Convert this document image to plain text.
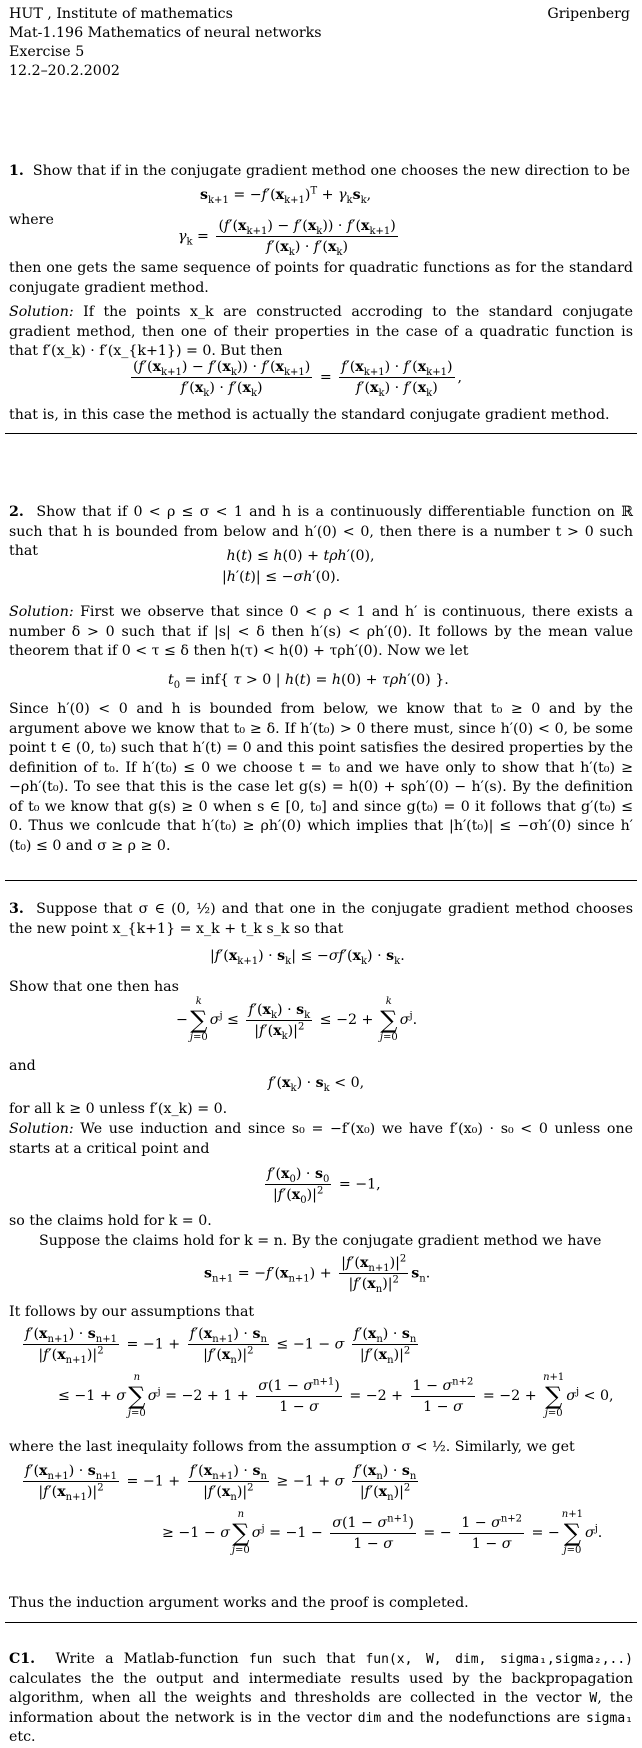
HUT , Institute of mathematics	Gripenberg
Mat-1.196 Mathematics of neural networks
Exercise 5
12.2–20.2.2002
1. Show that if in the conjugate gradient method one chooses the new direction to be
$s_{k+1} = -f'(x_{k+1})^T + \gamma_ks_k$,
where
$\gamma_k = \frac{(f'(x_{k+1}) - f'(x_k)) \cdot f'(x_{k+1})}{f'(x_k) \cdot f'(x_k)}$
then one gets the same sequence of points for quadratic functions as for the standard conjugate gradient method.
Solution: If the points x_k are constructed accroding to the standard conjugate gradient method, then one of their properties in the case of a quadratic function is that f′(x_k) · f′(x_{k+1}) = 0. But then
$\frac{(f'(x_{k+1}) - f'(x_k)) \cdot f'(x_{k+1})}{f'(x_k) \cdot f'(x_k)} = \frac{f'(x_{k+1}) \cdot f'(x_{k+1})}{f'(x_k) \cdot f'(x_k)}$ ,
that is, in this case the method is actually the standard conjugate gradient method.
2. Show that if 0 < ρ ≤ σ < 1 and h is a continuously differentiable function on ℝ such that h is bounded from below and h′(0) < 0, then there is a number t > 0 such that	h(t) ≤ h(0) + tρh′(0),
|h′(t)| ≤ −σh′(0).
Solution: First we observe that since 0 < ρ < 1 and h′ is continuous, there exists a number δ > 0 such that if |s| < δ then h′(s) < ρh′(0). It follows by the mean value theorem that if 0 < τ ≤ δ then h(τ) < h(0) + τρh′(0). Now we let
$t_0 = inf${ τ > 0 | h(t) = h(0) + τρh′(0) }.
Since h′(0) < 0 and h is bounded from below, we know that t₀ ≥ 0 and by the argument above we know that t₀ ≥ δ. If h′(t₀) > 0 there must, since h′(0) < 0, be some point t ∈ (0, t₀) such that h′(t) = 0 and this point satisfies the desired properties by the definition of t₀. If h′(t₀) ≤ 0 we choose t = t₀ and we have only to show that h′(t₀) ≥ −ρh′(t₀). To see that this is the case let g(s) = h(0) + sρh′(0) − h′(s). By the definition of t₀ we know that g(s) ≥ 0 when s ∈ [0, t₀] and since g(t₀) = 0 it follows that g′(t₀) ≤ 0. Thus we conlcude that h′(t₀) ≥ ρh′(0) which implies that |h′(t₀)| ≤ −σh′(0) since h′(t₀) ≤ 0 and σ ≥ ρ ≥ 0.
3. Suppose that σ ∈ (0, ½) and that one in the conjugate gradient method chooses the new point x_{k+1} = x_k + t_k s_k so that
$|f'(x_{k+1}) \cdot s_k| \le -\sigma f'(x_k) \cdot s_k$.
Show that one then has
−
k
∑
j=0
$\sigma^j \le \frac{f'(x_k) \cdot s_k}{|f'(x_k)|^2} \le -2$ +
k
∑
j=0
$\sigma^j$.
and
$f'(x_k) \cdot s_k < 0$,
for all k ≥ 0 unless f′(x_k) = 0.
Solution: We use induction and since s₀ = −f′(x₀) we have f′(x₀) · s₀ < 0 unless one starts at a critical point and
$\frac{f'(x_0) \cdot s_0}{|f'(x_0)|^2} = -1$,
so the claims hold for k = 0.
Suppose the claims hold for k = n. By the conjugate gradient method we have
$s_{n+1} = -f'(x_{n+1}) + \frac{|f'(x_{n+1})|^2}{|f'(x_n)|^2} s_n$.
It follows by our assumptions that
$\frac{f'(x_{n+1}) \cdot s_{n+1}}{|f'(x_{n+1})|^2} = -1 + \frac{f'(x_{n+1}) \cdot s_n}{|f'(x_n)|^2} \le -1 - \sigma \frac{f'(x_n) \cdot s_n}{|f'(x_n)|^2}$
≤ −1 + σ
n
∑
j=0
$\sigma^j = -2 + 1 + \frac{\sigma(1 - \sigma^{n+1})}{1 - \sigma} = -2 + \frac{1 - \sigma^{n+2}}{1 - \sigma} = -2$ +
n+1
∑
j=0
$\sigma^j < 0$,
where the last inequlaity follows from the assumption σ < ½. Similarly, we get
$\frac{f'(x_{n+1}) \cdot s_{n+1}}{|f'(x_{n+1})|^2} = -1 + \frac{f'(x_{n+1}) \cdot s_n}{|f'(x_n)|^2} \ge -1 + \sigma \frac{f'(x_n) \cdot s_n}{|f'(x_n)|^2}$
≥ −1 − σ
n
∑
j=0
$\sigma^j = -1 - \frac{\sigma(1 - \sigma^{n+1})}{1 - \sigma}$ = − $\frac{1 - \sigma^{n+2}}{1 - \sigma}$ = −
n+1
∑
j=0
$\sigma^j$.
Thus the induction argument works and the proof is completed.
C1. Write a Matlab-function fun such that fun(x, W, dim, sigma₁,sigma₂,..) calculates the the output and intermediate results used by the backpropagation algorithm, when all the weights and thresholds are collected in the vector W, the information about the network is in the vector dim and the nodefunctions are sigma₁ etc.
